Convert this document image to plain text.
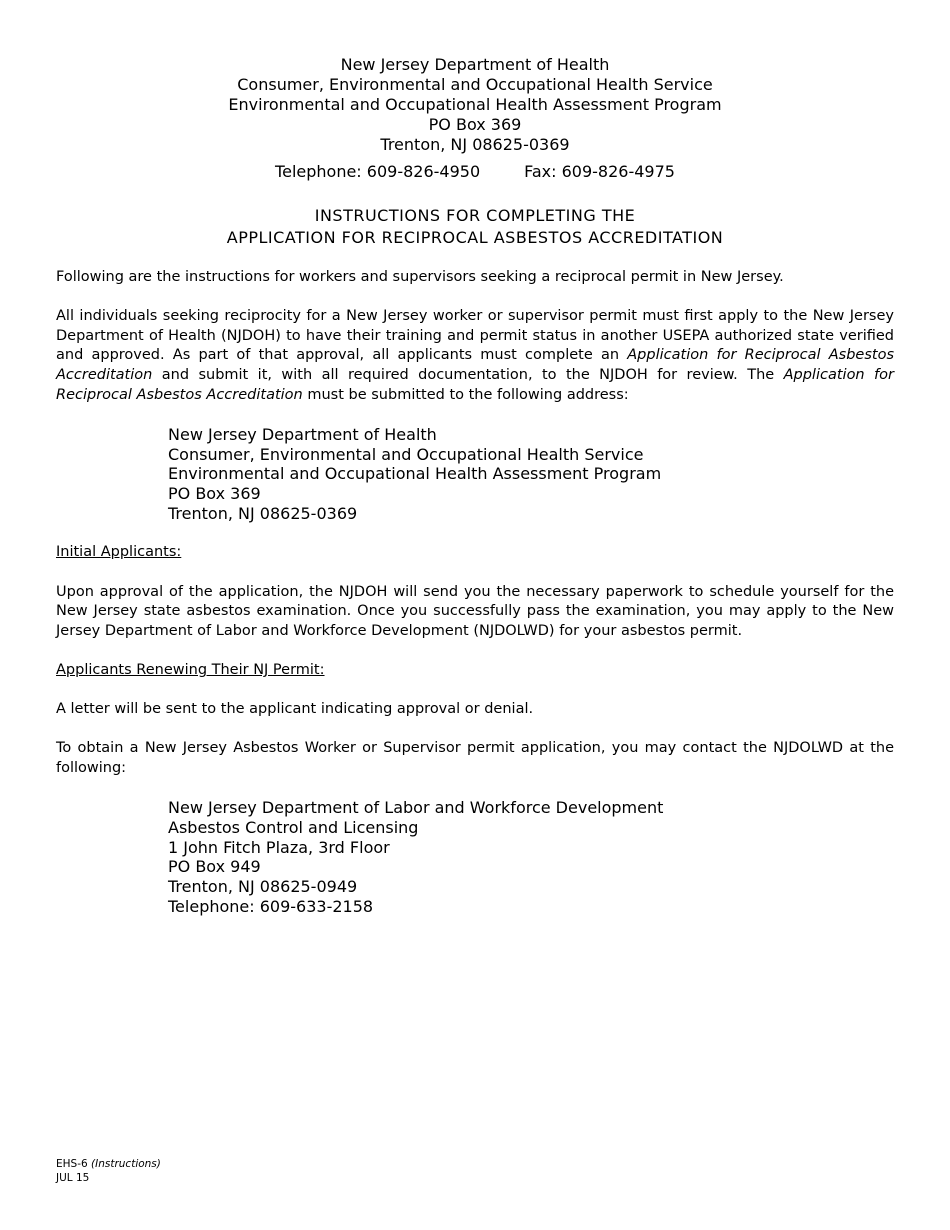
New Jersey Department of Health
Consumer, Environmental and Occupational Health Service
Environmental and Occupational Health Assessment Program
PO Box 369
Trenton, NJ 08625-0369
Telephone: 609-826-4950	Fax: 609-826-4975
INSTRUCTIONS FOR COMPLETING THE
APPLICATION FOR RECIPROCAL ASBESTOS ACCREDITATION

Following are the instructions for workers and supervisors seeking a reciprocal permit in New Jersey.

All individuals seeking reciprocity for a New Jersey worker or supervisor permit must first apply to the New Jersey Department of Health (NJDOH) to have their training and permit status in another USEPA authorized state verified and approved. As part of that approval, all applicants must complete an Application for Reciprocal Asbestos Accreditation and submit it, with all required documentation, to the NJDOH for review. The Application for Reciprocal Asbestos Accreditation must be submitted to the following address:

New Jersey Department of Health
Consumer, Environmental and Occupational Health Service
Environmental and Occupational Health Assessment Program
PO Box 369
Trenton, NJ 08625-0369

Initial Applicants:

Upon approval of the application, the NJDOH will send you the necessary paperwork to schedule yourself for the New Jersey state asbestos examination. Once you successfully pass the examination, you may apply to the New Jersey Department of Labor and Workforce Development (NJDOLWD) for your asbestos permit.

Applicants Renewing Their NJ Permit:

A letter will be sent to the applicant indicating approval or denial.

To obtain a New Jersey Asbestos Worker or Supervisor permit application, you may contact the NJDOLWD at the following:

New Jersey Department of Labor and Workforce Development
Asbestos Control and Licensing
1 John Fitch Plaza, 3rd Floor
PO Box 949
Trenton, NJ 08625-0949
Telephone: 609-633-2158
EHS-6 (Instructions)
JUL 15
